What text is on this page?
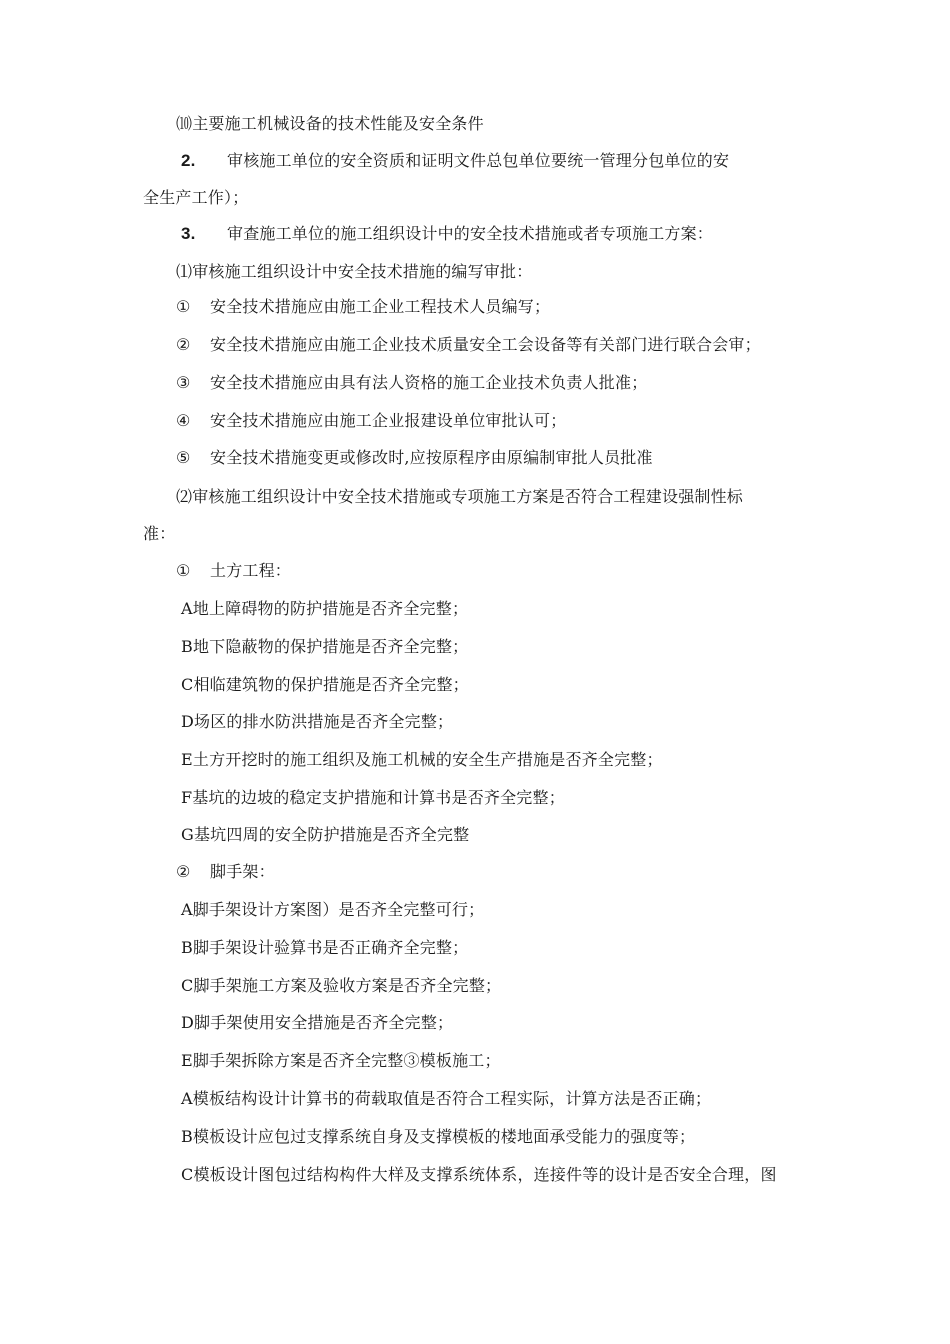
⑽主要施工机械设备的技术性能及安全条件
2. 审核施工单位的安全资质和证明文件总包单位要统一管理分包单位的安
全生产工作）；
3. 审查施工单位的施工组织设计中的安全技术措施或者专项施工方案：
⑴审核施工组织设计中安全技术措施的编写审批：
① 安全技术措施应由施工企业工程技术人员编写；
② 安全技术措施应由施工企业技术质量安全工会设备等有关部门进行联合会审；
③ 安全技术措施应由具有法人资格的施工企业技术负责人批准；
④ 安全技术措施应由施工企业报建设单位审批认可；
⑤ 安全技术措施变更或修改时,应按原程序由原编制审批人员批准
⑵审核施工组织设计中安全技术措施或专项施工方案是否符合工程建设强制性标
准：
① 土方工程：
A地上障碍物的防护措施是否齐全完整；
B地下隐蔽物的保护措施是否齐全完整；
C相临建筑物的保护措施是否齐全完整；
D场区的排水防洪措施是否齐全完整；
E土方开挖时的施工组织及施工机械的安全生产措施是否齐全完整；
F基坑的边坡的稳定支护措施和计算书是否齐全完整；
G基坑四周的安全防护措施是否齐全完整
② 脚手架：
A脚手架设计方案图）是否齐全完整可行；
B脚手架设计验算书是否正确齐全完整；
C脚手架施工方案及验收方案是否齐全完整；
D脚手架使用安全措施是否齐全完整；
E脚手架拆除方案是否齐全完整③模板施工；
A模板结构设计计算书的荷载取值是否符合工程实际，计算方法是否正确；
B模板设计应包过支撑系统自身及支撑模板的楼地面承受能力的强度等；
C模板设计图包过结构构件大样及支撑系统体系，连接件等的设计是否安全合理，图
